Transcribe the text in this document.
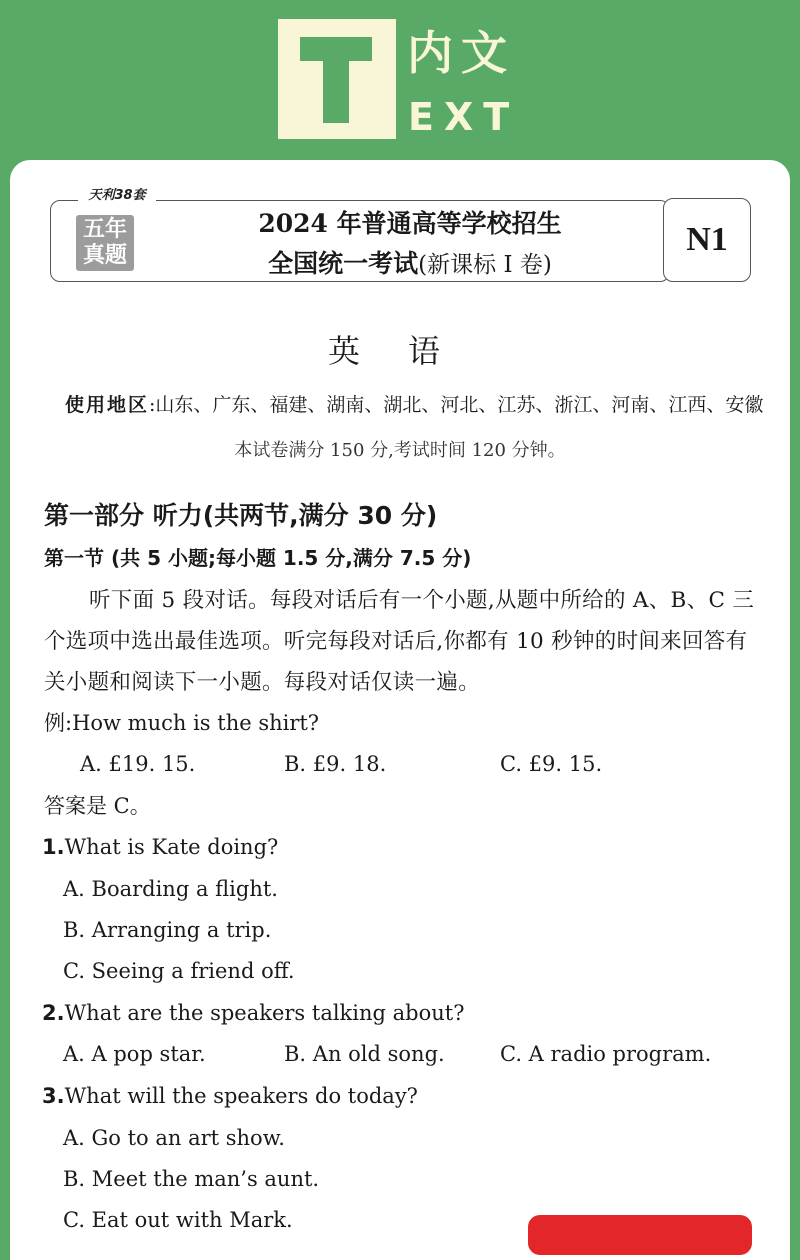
内文
EXT
天利38套
五年
真题
2024 年普通高等学校招生
全国统一考试(新课标 I 卷)
N1
英语
使用地区:山东、广东、福建、湖南、湖北、河北、江苏、浙江、河南、江西、安徽
本试卷满分 150 分,考试时间 120 分钟。
第一部分 听力(共两节,满分 30 分)
第一节 (共 5 小题;每小题 1.5 分,满分 7.5 分)
听下面 5 段对话。每段对话后有一个小题,从题中所给的 A、B、C 三个选项中选出最佳选项。听完每段对话后,你都有 10 秒钟的时间来回答有关小题和阅读下一小题。每段对话仅读一遍。
例:How much is the shirt?
A. £19. 15.	B. £9. 18.	C. £9. 15.
答案是 C。
1.What is Kate doing?
A. Boarding a flight.
B. Arranging a trip.
C. Seeing a friend off.
2.What are the speakers talking about?
A. A pop star.	B. An old song.	C. A radio program.
3.What will the speakers do today?
A. Go to an art show.
B. Meet the man’s aunt.
C. Eat out with Mark.
